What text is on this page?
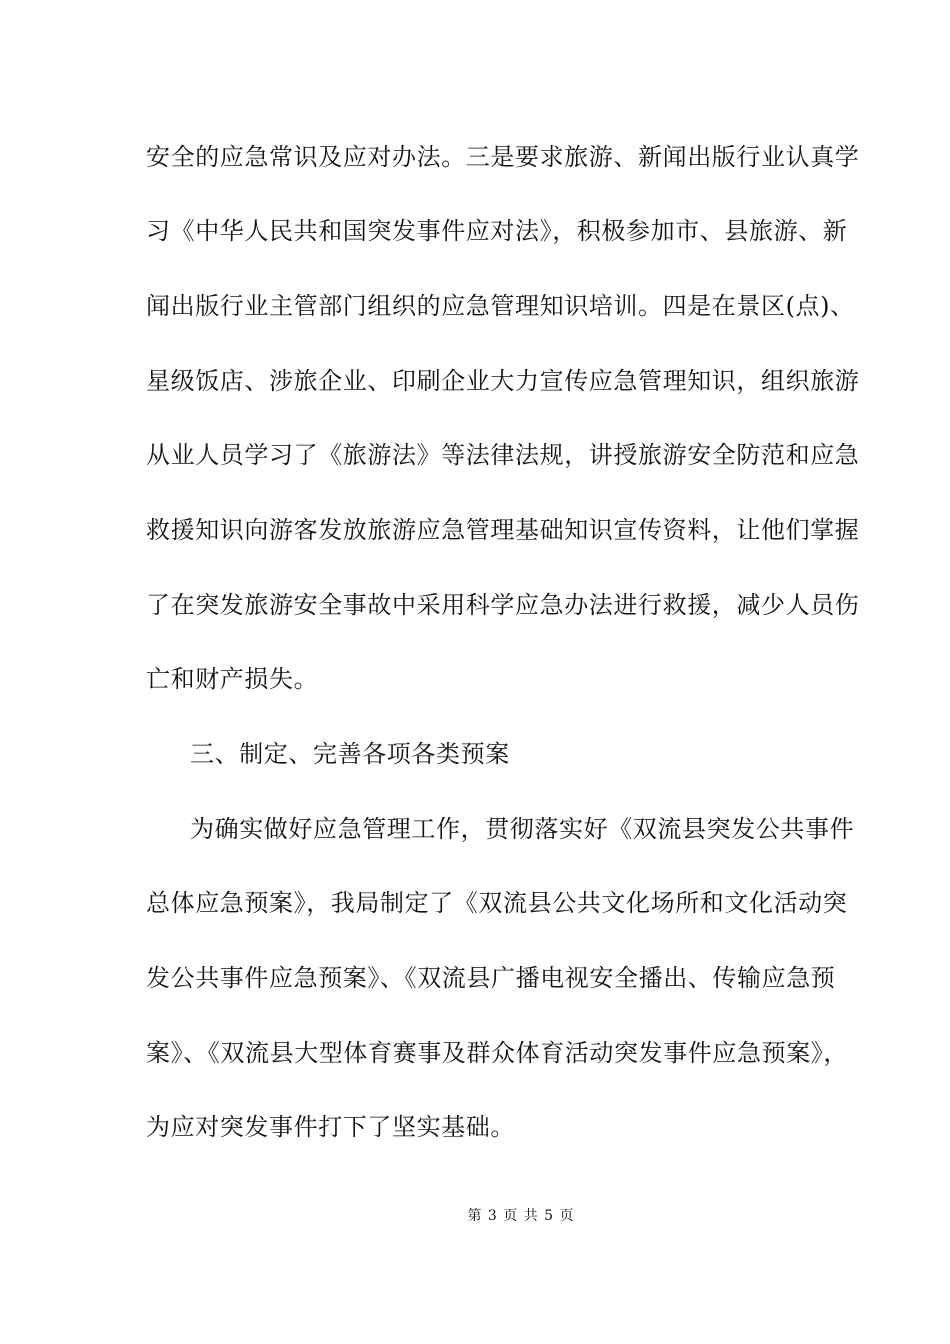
安全的应急常识及应对办法。三是要求旅游、新闻出版行业认真学
习《中华人民共和国突发事件应对法》，积极参加市、县旅游、新
闻出版行业主管部门组织的应急管理知识培训。四是在景区(点)、
星级饭店、涉旅企业、印刷企业大力宣传应急管理知识，组织旅游
从业人员学习了《旅游法》等法律法规，讲授旅游安全防范和应急
救援知识向游客发放旅游应急管理基础知识宣传资料，让他们掌握
了在突发旅游安全事故中采用科学应急办法进行救援，减少人员伤
亡和财产损失。
三、制定、完善各项各类预案
为确实做好应急管理工作，贯彻落实好《双流县突发公共事件
总体应急预案》，我局制定了《双流县公共文化场所和文化活动突
发公共事件应急预案》、《双流县广播电视安全播出、传输应急预
案》、《双流县大型体育赛事及群众体育活动突发事件应急预案》，
为应对突发事件打下了坚实基础。
第 3 页 共 5 页
